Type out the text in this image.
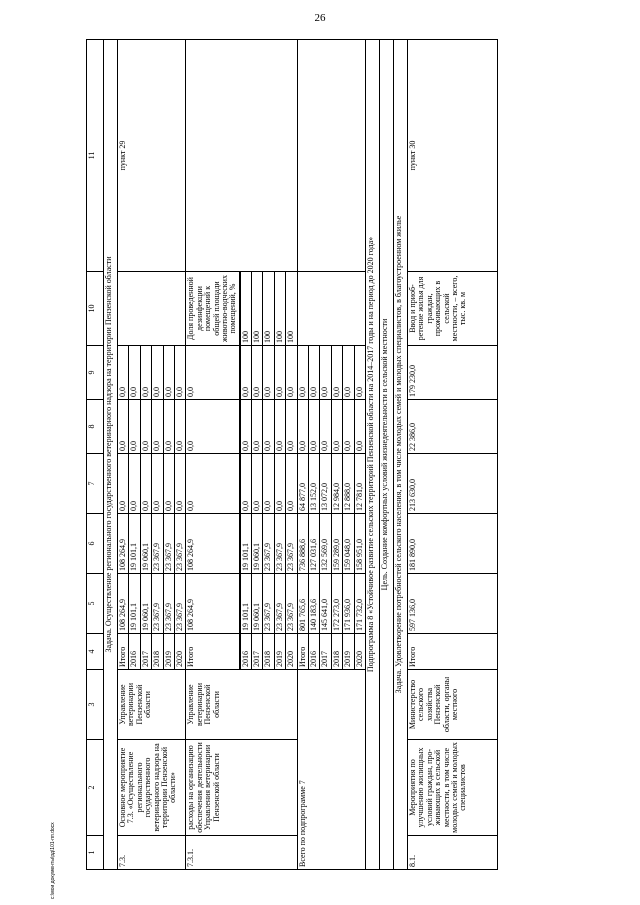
26
1	2	3	4	5	6	7	8	9	10	11
Задача. Осуществление регионального государственного ветеринарного надзора на территории Пензенской области										
7.3.	Основное мероприятие 7.3. «Осуществление регионального государственного ветеринарного надзора на территории Пензенской области»	Управление ветеринарии Пензенской области	Итого	108 264,9	108 264,9	0,0	0,0	0,0		пункт 29
			2016	19 101,1	19 101,1	0,0	0,0	0,0		
			2017	19 060,1	19 060,1	0,0	0,0	0,0		
			2018	23 367,9	23 367,9	0,0	0,0	0,0		
			2019	23 367,9	23 367,9	0,0	0,0	0,0		
			2020	23 367,9	23 367,9	0,0	0,0	0,0		
7.3.1.	расходы на организацию обеспечения деятельности Управления ветеринарии Пензенской области	Управление ветеринарии Пензенской области	Итого	108 264,9	108 264,9	0,0	0,0	0,0	Доля проведенной дезинфекции помещений к общей площади животно-водческих помещений, %	

			2016	19 101,1	19 101,1	0,0	0,0	0,0	100	
			2017	19 060,1	19 060,1	0,0	0,0	0,0	100	
			2018	23 367,9	23 367,9	0,0	0,0	0,0	100	
			2019	23 367,9	23 367,9	0,0	0,0	0,0	100	
			2020	23 367,9	23 367,9	0,0	0,0	0,0	100	
Всего по подпрограмме 7			Итого	801 765,6	736 888,6	64 877,0	0,0	0,0		
			2016	140 183,6	127 031,6	13 152,0	0,0	0,0		
			2017	145 641,0	132 569,0	13 072,0	0,0	0,0		
			2018	172 273,0	159 289,0	12 984,0	0,0	0,0		
			2019	171 936,0	159 048,0	12 888,0	0,0	0,0		
			2020	171 732,0	158 951,0	12 781,0	0,0	0,0		
Подпрограмма 8 «Устойчивое развитие сельских территорий Пензенской области на 2014–2017 годы и на период до 2020 года»										
Цель. Создание комфортных условий жизнедеятельности в сельской местности										
Задача. Удовлетворение потребностей сельского населения, в том числе молодых семей и молодых специалистов, в благоустроенном жилье										
8.1.	Мероприятия по улучшению жилищных условий граждан, про-живающих в сельской местности, в том числе молодых семей и молодых специалистов	Министерство сельского хозяйства Пензенской области, органы местного	Итого	597 136,0	181 890,0	213 630,0	22 386,0	179 230,0	Ввод и приоб-ретение жилья для граждан, проживающих в сельской местности, – всего, тыс. кв. м	пункт 30
c:\мои документы\рд\101-пп.docx
